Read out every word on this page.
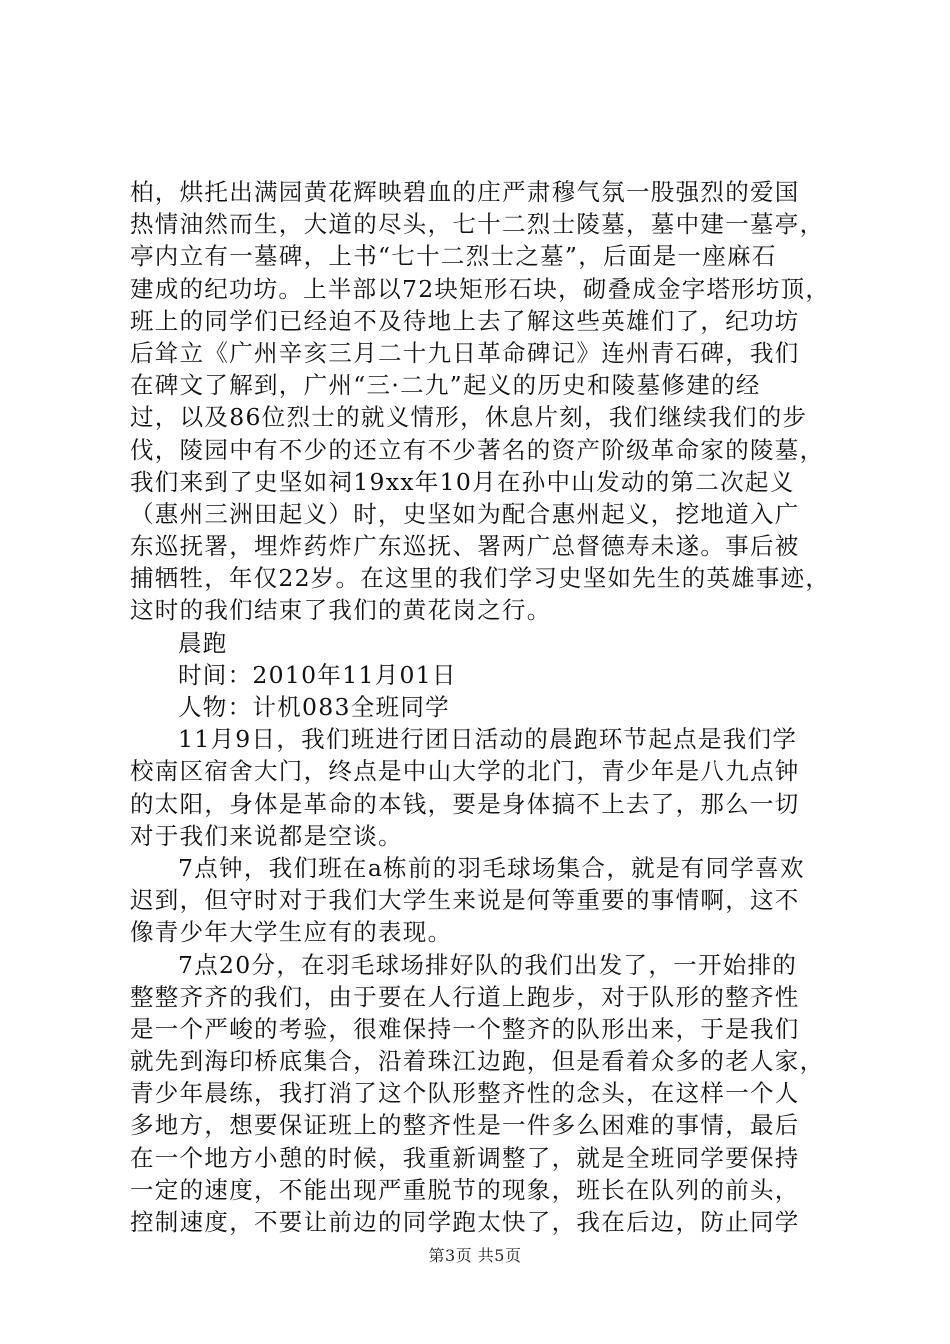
柏，烘托出满园黄花辉映碧血的庄严肃穆气氛一股强烈的爱国
热情油然而生，大道的尽头，七十二烈士陵墓，墓中建一墓亭，
亭内立有一墓碑，上书“七十二烈士之墓”，后面是一座麻石
建成的纪功坊。上半部以72块矩形石块，砌叠成金字塔形坊顶，
班上的同学们已经迫不及待地上去了解这些英雄们了，纪功坊
后耸立《广州辛亥三月二十九日革命碑记》连州青石碑，我们
在碑文了解到，广州“三·二九”起义的历史和陵墓修建的经
过，以及86位烈士的就义情形，休息片刻，我们继续我们的步
伐，陵园中有不少的还立有不少著名的资产阶级革命家的陵墓，
我们来到了史坚如祠19xx年10月在孙中山发动的第二次起义
（惠州三洲田起义）时，史坚如为配合惠州起义，挖地道入广
东巡抚署，埋炸药炸广东巡抚、署两广总督德寿未遂。事后被
捕牺牲，年仅22岁。在这里的我们学习史坚如先生的英雄事迹，
这时的我们结束了我们的黄花岗之行。
晨跑
时间：2010年11月01日
人物：计机083全班同学
11月9日，我们班进行团日活动的晨跑环节起点是我们学
校南区宿舍大门，终点是中山大学的北门，青少年是八九点钟
的太阳，身体是革命的本钱，要是身体搞不上去了，那么一切
对于我们来说都是空谈。
7点钟，我们班在a栋前的羽毛球场集合，就是有同学喜欢
迟到，但守时对于我们大学生来说是何等重要的事情啊，这不
像青少年大学生应有的表现。
7点20分，在羽毛球场排好队的我们出发了，一开始排的
整整齐齐的我们，由于要在人行道上跑步，对于队形的整齐性
是一个严峻的考验，很难保持一个整齐的队形出来，于是我们
就先到海印桥底集合，沿着珠江边跑，但是看着众多的老人家，
青少年晨练，我打消了这个队形整齐性的念头，在这样一个人
多地方，想要保证班上的整齐性是一件多么困难的事情，最后
在一个地方小憩的时候，我重新调整了，就是全班同学要保持
一定的速度，不能出现严重脱节的现象，班长在队列的前头，
控制速度，不要让前边的同学跑太快了，我在后边，防止同学
第3页 共5页
